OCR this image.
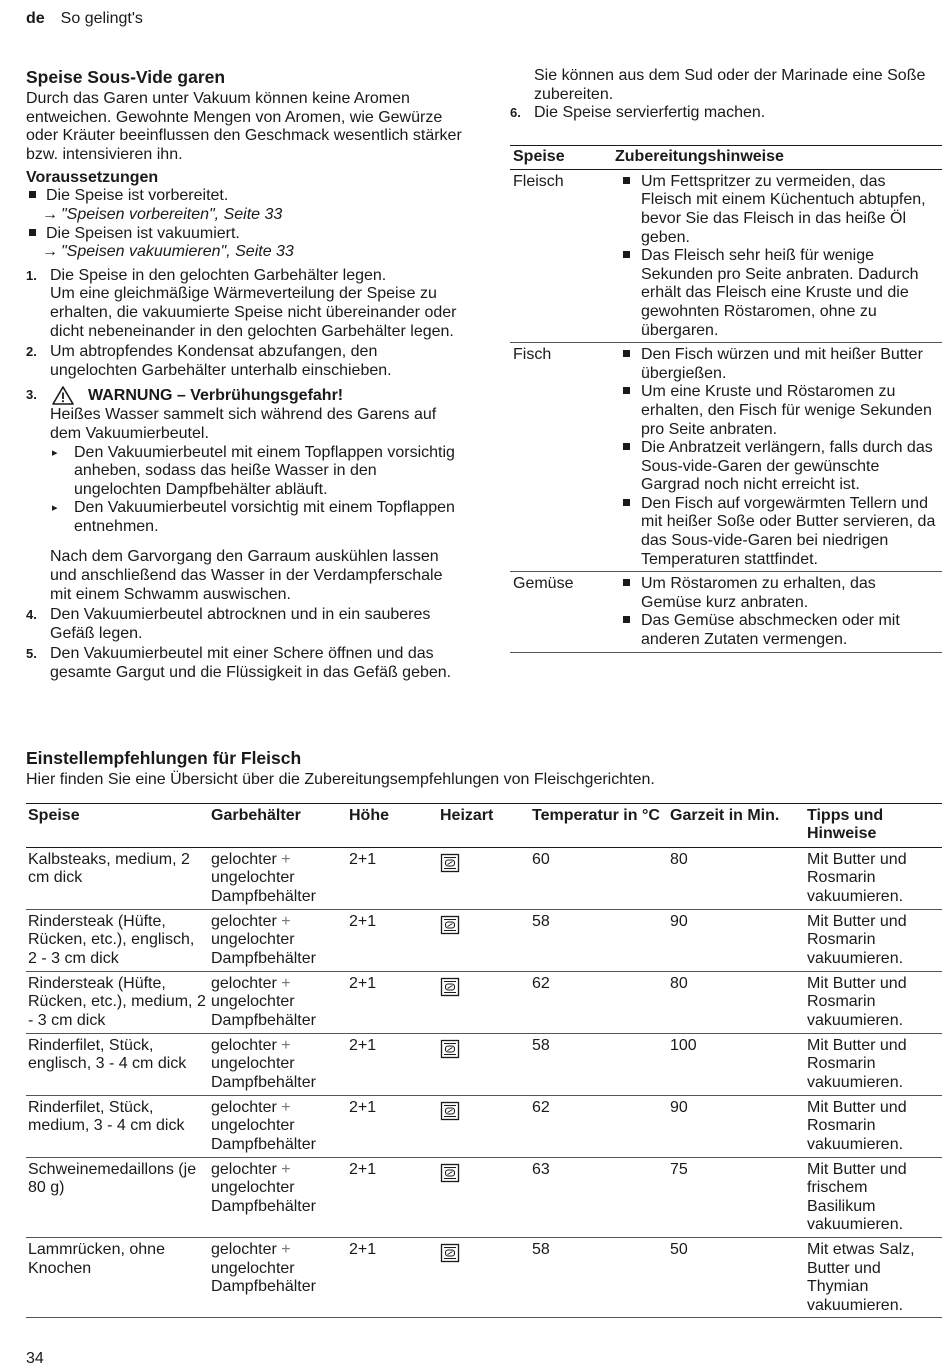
de So gelingt's
Speise Sous-Vide garen

Durch das Garen unter Vakuum können keine Aromen entweichen. Gewohnte Mengen von Aromen, wie Gewürze oder Kräuter beeinflussen den Geschmack wesentlich stärker bzw. intensivieren ihn.

Voraussetzungen
Die Speise ist vorbereitet.
→ "Speisen vorbereiten", Seite 33
Die Speisen ist vakuumiert.
→ "Speisen vakuumieren", Seite 33
1. Die Speise in den gelochten Garbehälter legen.

Um eine gleichmäßige Wärmeverteilung der Speise zu erhalten, die vakuumierte Speise nicht übereinander oder dicht nebeneinander in den gelochten Garbehälter legen.

2. Um abtropfendes Kondensat abzufangen, den ungelochten Garbehälter unterhalb einschieben.

3.	WARNUNG – Verbrühungsgefahr!

Heißes Wasser sammelt sich während des Garens auf dem Vakuumierbeutel.

▸	Den Vakuumierbeutel mit einem Topflappen vorsichtig anheben, sodass das heiße Wasser in den ungelochten Dampfbehälter abläuft.
▸	Den Vakuumierbeutel vorsichtig mit einem Topflappen entnehmen.

Nach dem Garvorgang den Garraum auskühlen lassen und anschließend das Wasser in der Verdampferschale mit einem Schwamm auswischen.

4. Den Vakuumierbeutel abtrocknen und in ein sauberes Gefäß legen.

5. Den Vakuumierbeutel mit einer Schere öffnen und das gesamte Gargut und die Flüssigkeit in das Gefäß geben.

Sie können aus dem Sud oder der Marinade eine Soße zubereiten.

6. Die Speise servierfertig machen.

Speise	Zubereitungshinweise
Fleisch	Um Fettspritzer zu vermeiden, das Fleisch mit einem Küchentuch abtupfen, bevor Sie das Fleisch in das heiße Öl geben.
Das Fleisch sehr heiß für wenige Sekunden pro Seite anbraten. Dadurch erhält das Fleisch eine Kruste und die gewohnten Röstaromen, ohne zu übergaren.

Fisch	Den Fisch würzen und mit heißer Butter übergießen.
Um eine Kruste und Röstaromen zu erhalten, den Fisch für wenige Sekunden pro Seite anbraten.
Die Anbratzeit verlängern, falls durch das Sous-vide-Garen der gewünschte Gargrad noch nicht erreicht ist.
Den Fisch auf vorgewärmten Tellern und mit heißer Soße oder Butter servieren, da das Sous-vide-Garen bei niedrigen Temperaturen stattfindet.

Gemüse	Um Röstaromen zu erhalten, das Gemüse kurz anbraten.
Das Gemüse abschmecken oder mit anderen Zutaten vermengen.
Einstellempfehlungen für Fleisch

Hier finden Sie eine Übersicht über die Zubereitungsempfehlungen von Fleischgerichten.

Speise	Garbehälter	Höhe	Heizart	Temperatur in °C	Garzeit in Min.	Tipps und Hinweise
Kalbsteaks, medium, 2 cm dick	gelochter + ungelochter Dampfbehälter	2+1		60	80	Mit Butter und Rosmarin vakuumieren.
Rindersteak (Hüfte, Rücken, etc.), englisch, 2 - 3 cm dick	gelochter + ungelochter Dampfbehälter	2+1		58	90	Mit Butter und Rosmarin vakuumieren.
Rindersteak (Hüfte, Rücken, etc.), medium, 2 - 3 cm dick	gelochter + ungelochter Dampfbehälter	2+1		62	80	Mit Butter und Rosmarin vakuumieren.
Rinderfilet, Stück, englisch, 3 - 4 cm dick	gelochter + ungelochter Dampfbehälter	2+1		58	100	Mit Butter und Rosmarin vakuumieren.
Rinderfilet, Stück, medium, 3 - 4 cm dick	gelochter + ungelochter Dampfbehälter	2+1		62	90	Mit Butter und Rosmarin vakuumieren.
Schweinemedaillons (je 80 g)	gelochter + ungelochter Dampfbehälter	2+1		63	75	Mit Butter und frischem Basilikum vakuumieren.
Lammrücken, ohne Knochen	gelochter + ungelochter Dampfbehälter	2+1		58	50	Mit etwas Salz, Butter und Thymian vakuumieren.
34
